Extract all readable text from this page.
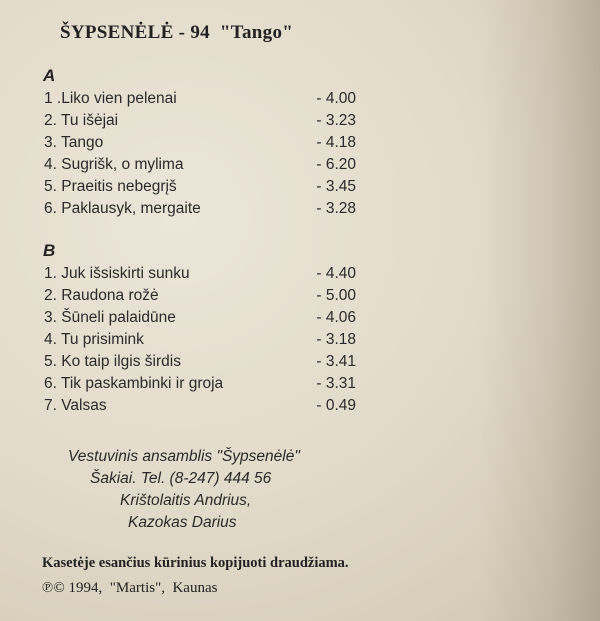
ŠYPSENĖLĖ - 94 "Tango"
A
1 .Liko vien pelenai	- 4.00
2. Tu išėjai	- 3.23
3. Tango	- 4.18
4. Sugrišk, o mylima	- 6.20
5. Praeitis nebegrįš	- 3.45
6. Paklausyk, mergaite	- 3.28
B
1. Juk išsiskirti sunku	- 4.40
2. Raudona rožė	- 5.00
3. Šūneli palaidūne	- 4.06
4. Tu prisimink	- 3.18
5. Ko taip ilgis širdis	- 3.41
6. Tik paskambinki ir groja	- 3.31
7. Valsas	- 0.49
Vestuvinis ansamblis "Šypsenėlė"
Šakiai. Tel. (8-247) 444 56
Krištolaitis Andrius,
Kazokas Darius
Kasetėje esančius kūrinius kopijuoti draudžiama.
℗© 1994,  "Martis",  Kaunas
